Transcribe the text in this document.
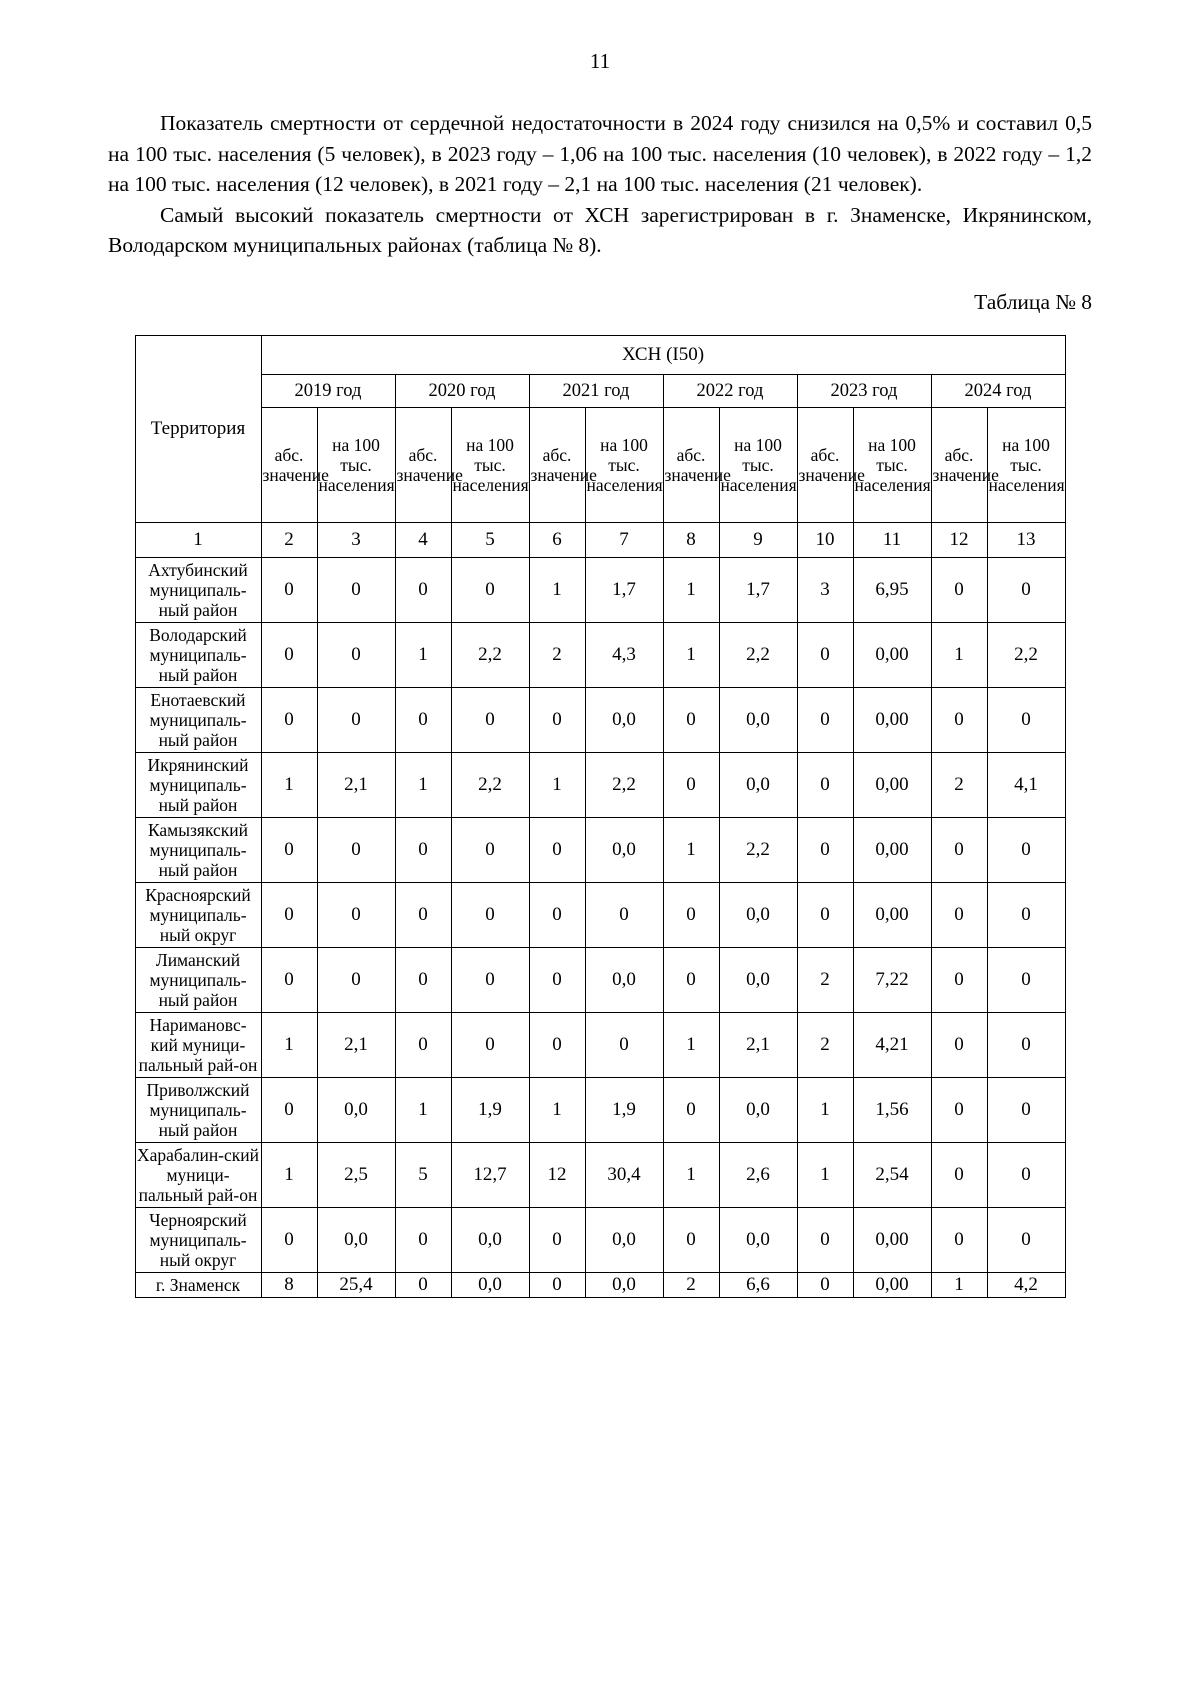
11

Показатель смертности от сердечной недостаточности в 2024 году снизился на 0,5% и составил 0,5 на 100 тыс. населения (5 человек), в 2023 году – 1,06 на 100 тыс. населения (10 человек), в 2022 году – 1,2 на 100 тыс. населения (12 человек), в 2021 году – 2,1 на 100 тыс. населения (21 человек).

Самый высокий показатель смертности от ХСН зарегистрирован в г. Знаменске, Икрянинском, Володарском муниципальных районах (таблица № 8).

Таблица № 8
Территория	ХСН (I50)											
	2019 год		2020 год		2021 год		2022 год		2023 год		2024 год	
	абс. значение	на 100 тыс. населения	абс. значение	на 100 тыс. населения	абс. значение	на 100 тыс. населения	абс. значение	на 100 тыс. населения	абс. значение	на 100 тыс. населения	абс. значение	на 100 тыс. населения
1	2	3	4	5	6	7	8	9	10	11	12	13
Ахтубинский муниципаль-ный район	0	0	0	0	1	1,7	1	1,7	3	6,95	0	0
Володарский муниципаль-ный район	0	0	1	2,2	2	4,3	1	2,2	0	0,00	1	2,2
Енотаевский муниципаль-ный район	0	0	0	0	0	0,0	0	0,0	0	0,00	0	0
Икрянинский муниципаль-ный район	1	2,1	1	2,2	1	2,2	0	0,0	0	0,00	2	4,1
Камызякский муниципаль-ный район	0	0	0	0	0	0,0	1	2,2	0	0,00	0	0
Красноярский муниципаль-ный округ	0	0	0	0	0	0	0	0,0	0	0,00	0	0
Лиманский муниципаль-ный район	0	0	0	0	0	0,0	0	0,0	2	7,22	0	0
Наримановс-кий муници-пальный рай-он	1	2,1	0	0	0	0	1	2,1	2	4,21	0	0
Приволжский муниципаль-ный район	0	0,0	1	1,9	1	1,9	0	0,0	1	1,56	0	0
Харабалин-ский муници-пальный рай-он	1	2,5	5	12,7	12	30,4	1	2,6	1	2,54	0	0
Черноярский муниципаль-ный округ	0	0,0	0	0,0	0	0,0	0	0,0	0	0,00	0	0
г. Знаменск	8	25,4	0	0,0	0	0,0	2	6,6	0	0,00	1	4,2
